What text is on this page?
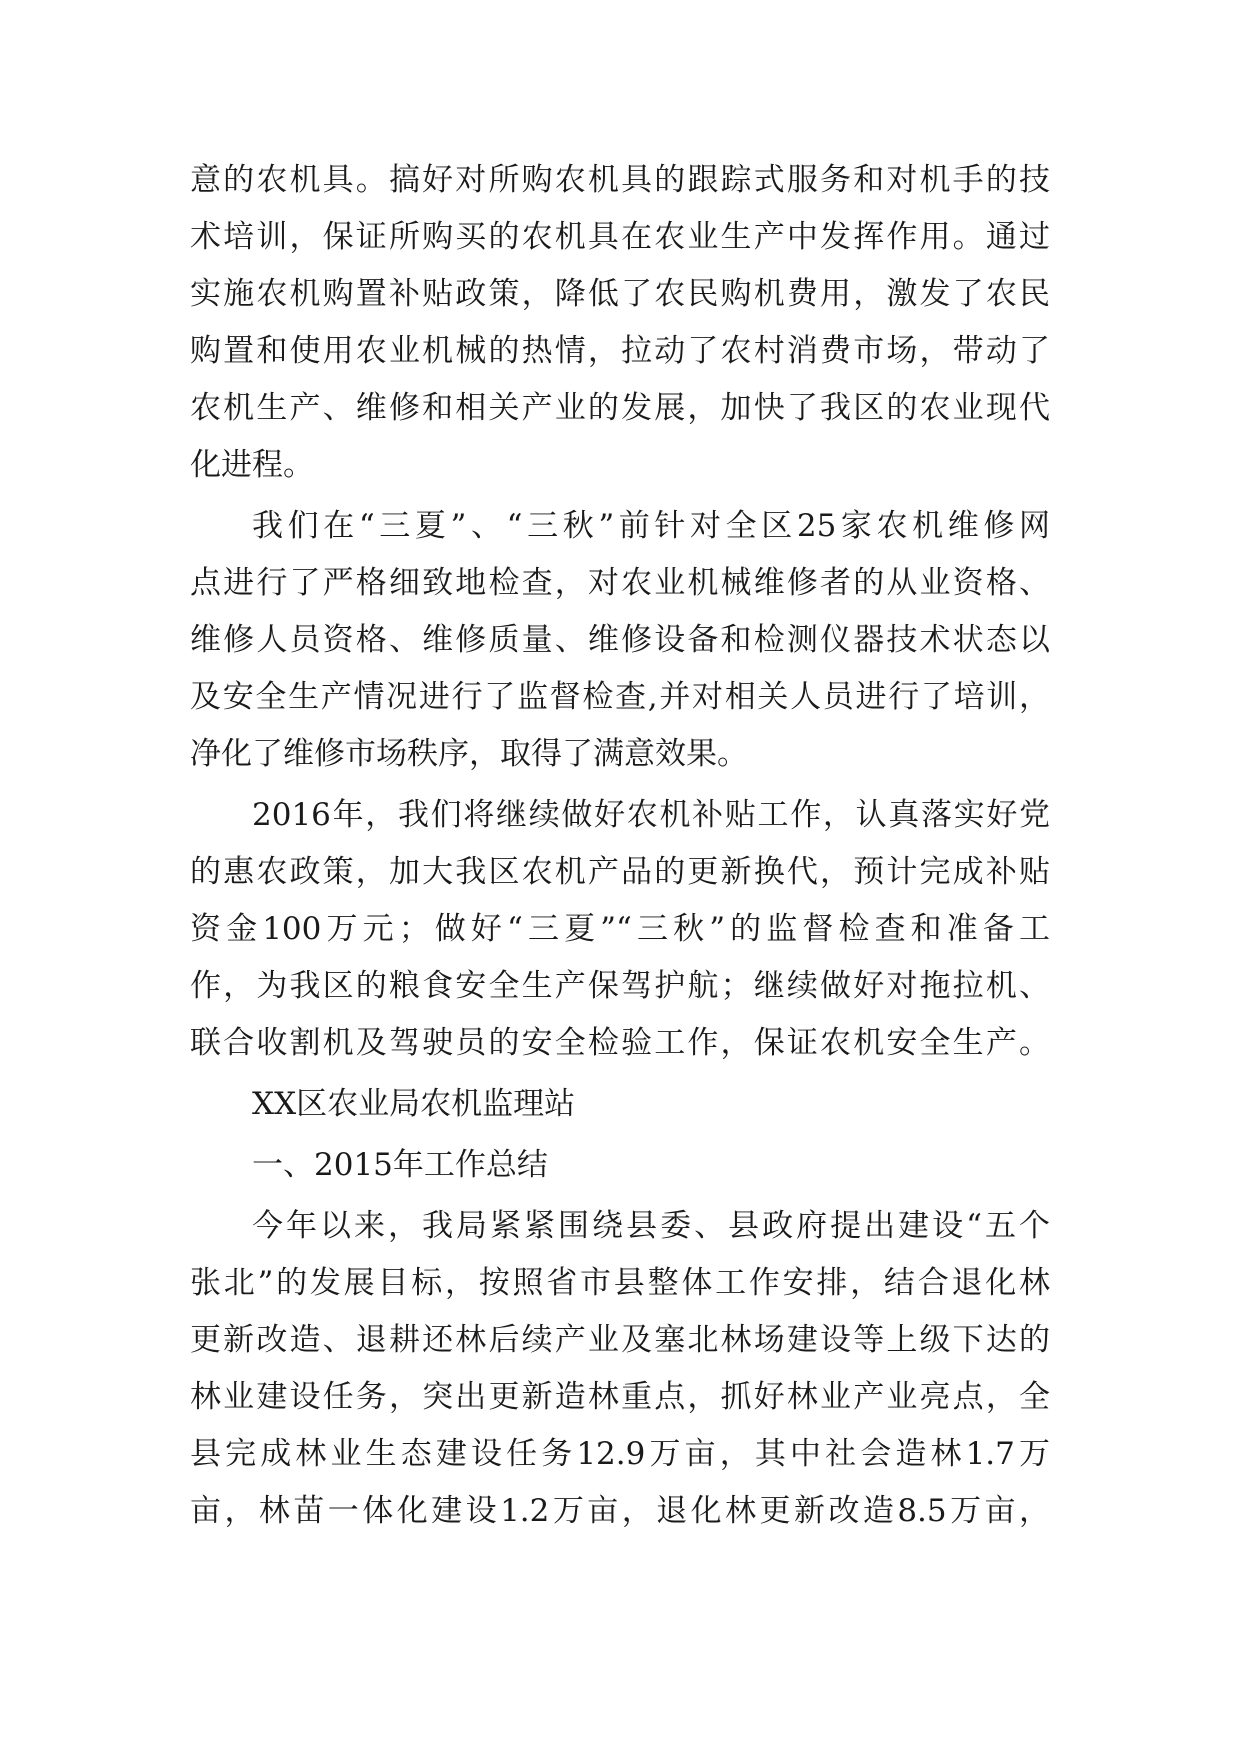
意的农机具。搞好对所购农机具的跟踪式服务和对机手的技
术培训，保证所购买的农机具在农业生产中发挥作用。通过
实施农机购置补贴政策，降低了农民购机费用，激发了农民
购置和使用农业机械的热情，拉动了农村消费市场，带动了
农机生产、维修和相关产业的发展，加快了我区的农业现代
化进程。
我们在“三夏”、“三秋”前针对全区25家农机维修网
点进行了严格细致地检查，对农业机械维修者的从业资格、
维修人员资格、维修质量、维修设备和检测仪器技术状态以
及安全生产情况进行了监督检查,并对相关人员进行了培训，
净化了维修市场秩序，取得了满意效果。
2016年，我们将继续做好农机补贴工作，认真落实好党
的惠农政策，加大我区农机产品的更新换代，预计完成补贴
资金100万元；做好“三夏”“三秋”的监督检查和准备工
作，为我区的粮食安全生产保驾护航；继续做好对拖拉机、
联合收割机及驾驶员的安全检验工作，保证农机安全生产。
XX区农业局农机监理站
一、2015年工作总结
今年以来，我局紧紧围绕县委、县政府提出建设“五个
张北”的发展目标，按照省市县整体工作安排，结合退化林
更新改造、退耕还林后续产业及塞北林场建设等上级下达的
林业建设任务，突出更新造林重点，抓好林业产业亮点，全
县完成林业生态建设任务12.9万亩，其中社会造林1.7万
亩，林苗一体化建设1.2万亩，退化林更新改造8.5万亩，
